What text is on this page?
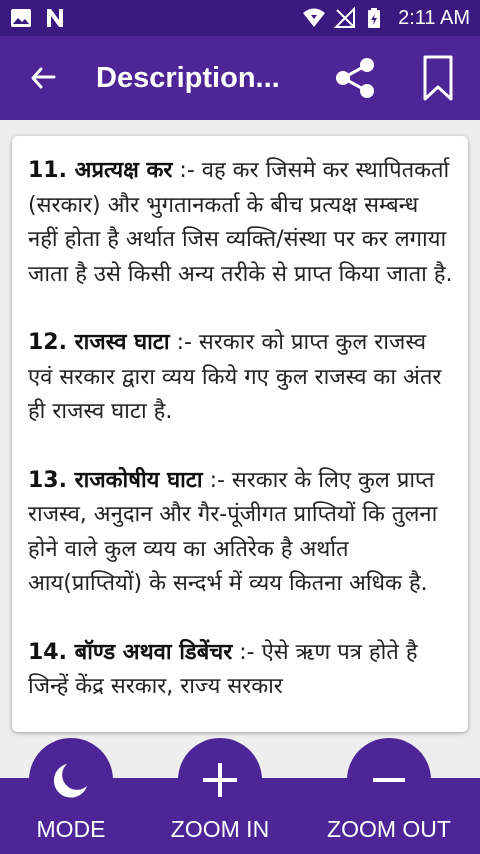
2:11 AM
Description...

11. अप्रत्यक्ष कर :- वह कर जिसमे कर स्थापितकर्ता (सरकार) और भुगतानकर्ता के बीच प्रत्यक्ष सम्बन्ध नहीं होता है अर्थात जिस व्यक्ति/संस्था पर कर लगाया जाता है उसे किसी अन्य तरीके से प्राप्त किया जाता है.

12. राजस्व घाटा :- सरकार को प्राप्त कुल राजस्व एवं सरकार द्वारा व्यय किये गए कुल राजस्व का अंतर ही राजस्व घाटा है.

13. राजकोषीय घाटा :- सरकार के लिए कुल प्राप्त राजस्व, अनुदान और गैर-पूंजीगत प्राप्तियों कि तुलना होने वाले कुल व्यय का अतिरेक है अर्थात आय(प्राप्तियों) के सन्दर्भ में व्यय कितना अधिक है.

14. बॉण्ड अथवा डिबेंचर :- ऐसे ऋण पत्र होते है जिन्हें केंद्र सरकार, राज्य सरकार

MODE	ZOOM IN	ZOOM OUT
